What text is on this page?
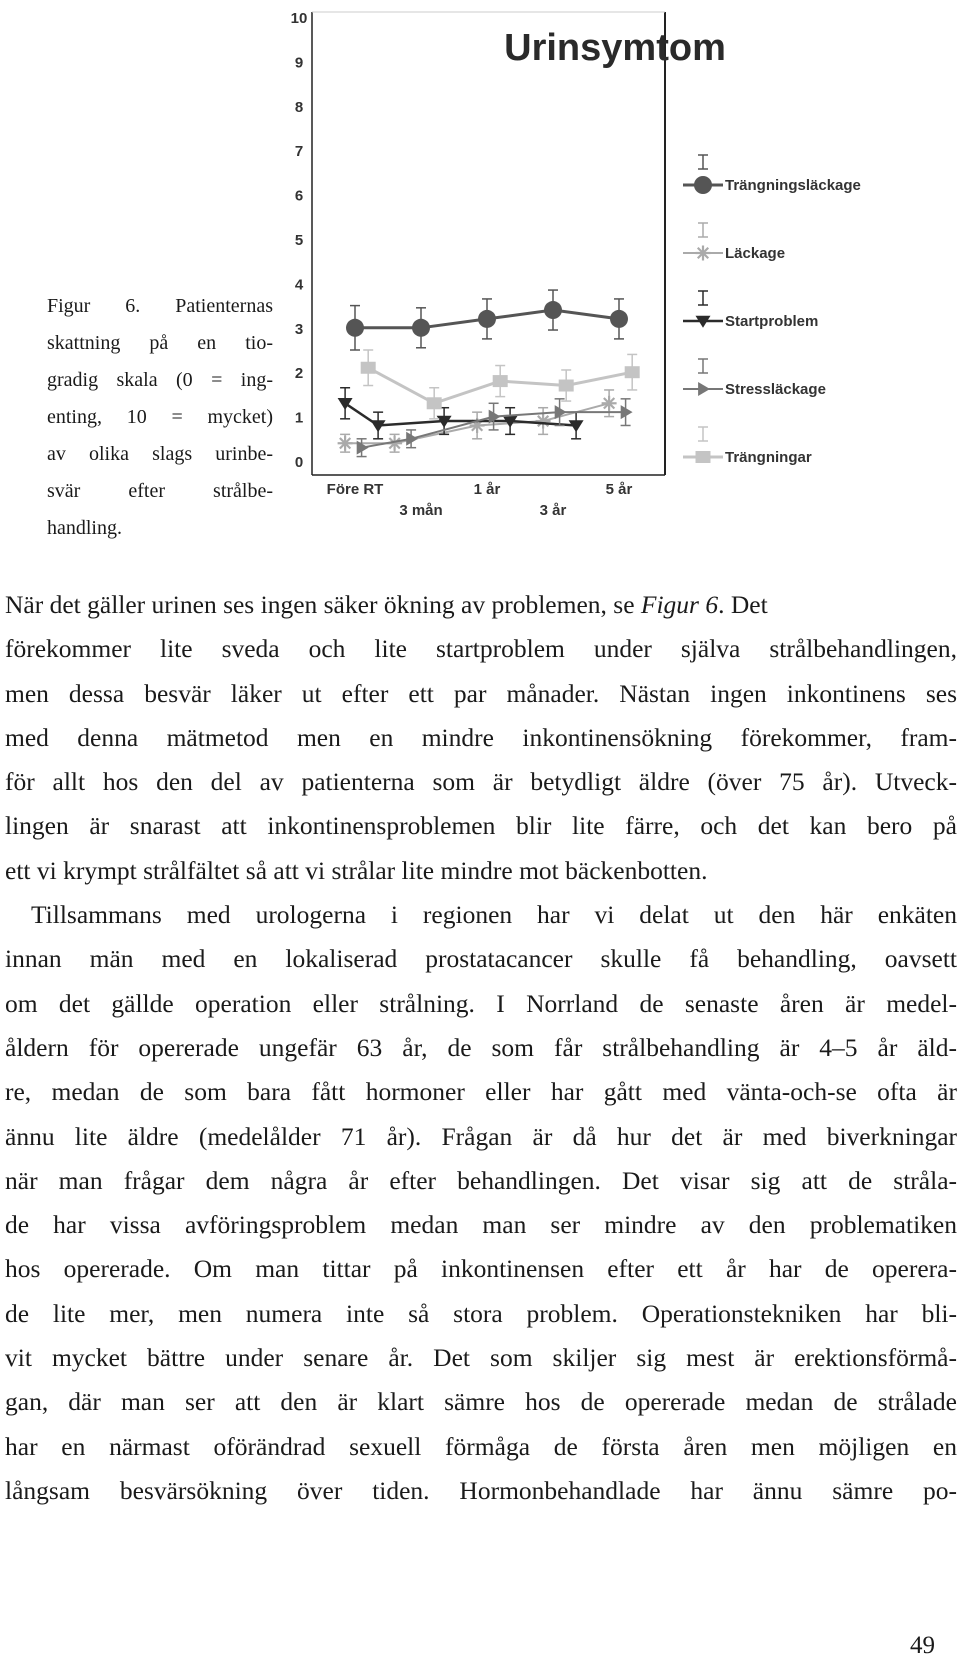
Urinsymtom
0
1
2
3
4
5
6
7
8
9
10
Före RT	1 år	5 år
3 mån	3 år
Trängningsläckage
Läckage
Startproblem
Stressläckage
Trängningar
Figur 6. Patienternas
skattning på en tio-
gradig skala (0 = ing-
enting, 10 = mycket)
av olika slags urinbe-
svär efter strålbe-
handling.
När det gäller urinen ses ingen säker ökning av problemen, se Figur 6. Det
förekommer lite sveda och lite startproblem under själva strålbehandlingen,
men dessa besvär läker ut efter ett par månader. Nästan ingen inkontinens ses
med denna mätmetod men en mindre inkontinensökning förekommer, fram-
för allt hos den del av patienterna som är betydligt äldre (över 75 år). Utveck-
lingen är snarast att inkontinensproblemen blir lite färre, och det kan bero på
ett vi krympt strålfältet så att vi strålar lite mindre mot bäckenbotten.
Tillsammans med urologerna i regionen har vi delat ut den här enkäten
innan män med en lokaliserad prostatacancer skulle få behandling, oavsett
om det gällde operation eller strålning. I Norrland de senaste åren är medel-
åldern för opererade ungefär 63 år, de som får strålbehandling är 4–5 år äld-
re, medan de som bara fått hormoner eller har gått med vänta-och-se ofta är
ännu lite äldre (medelålder 71 år). Frågan är då hur det är med biverkningar
när man frågar dem några år efter behandlingen. Det visar sig att de stråla-
de har vissa avföringsproblem medan man ser mindre av den problematiken
hos opererade. Om man tittar på inkontinensen efter ett år har de operera-
de lite mer, men numera inte så stora problem. Operationstekniken har bli-
vit mycket bättre under senare år. Det som skiljer sig mest är erektionsförmå-
gan, där man ser att den är klart sämre hos de opererade medan de strålade
har en närmast oförändrad sexuell förmåga de första åren men möjligen en
långsam besvärsökning över tiden. Hormonbehandlade har ännu sämre po-
49
